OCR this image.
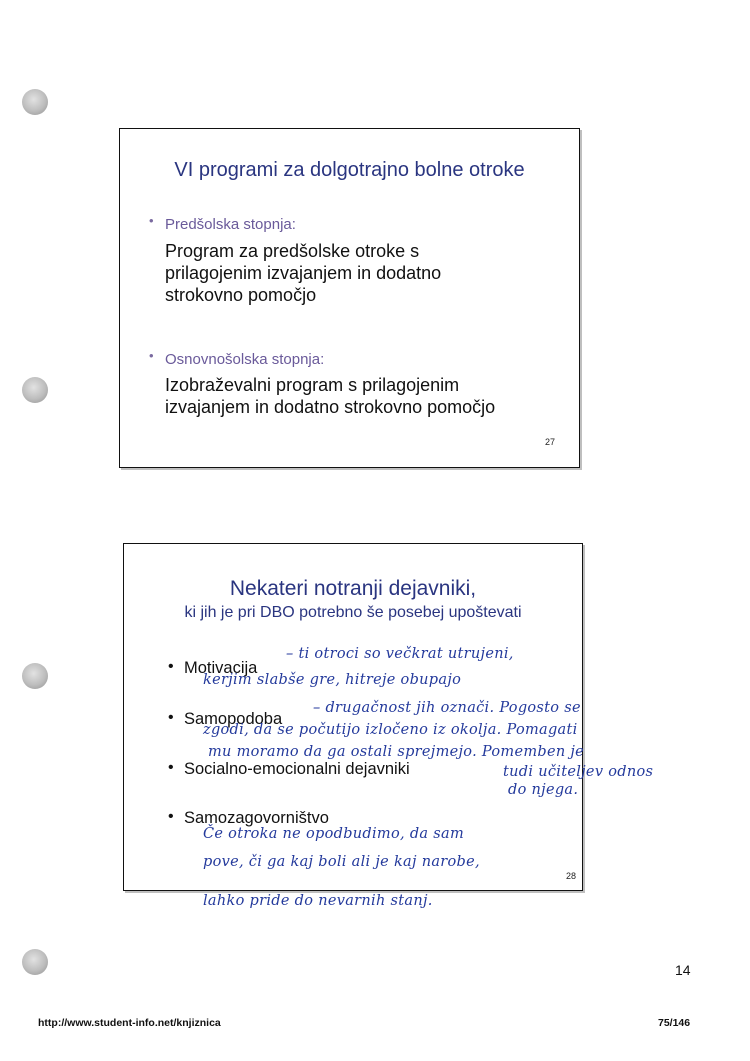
VI programi za dolgotrajno bolne otroke
• Predšolska stopnja:
Program za predšolske otroke s
prilagojenim izvajanjem in dodatno
strokovno pomočjo
• Osnovnošolska stopnja:
Izobraževalni program s prilagojenim
izvajanjem in dodatno strokovno pomočjo
27
Nekateri notranji dejavniki,
ki jih je pri DBO potrebno še posebej upoštevati
• Motivacija
• Samopodoba
• Socialno-emocionalni dejavniki
• Samozagovorništvo
28
– ti otroci so večkrat utrujeni,
kerjim slabše gre, hitreje obupajo
– drugačnost jih označi. Pogosto se
zgodi, da se počutijo izločeno iz okolja. Pomagati
mu moramo da ga ostali sprejmejo. Pomemben je
tudi učiteljev odnos
do njega.
Če otroka ne opodbudimo, da sam
pove, či ga kaj boli ali je kaj narobe,
lahko pride do nevarnih stanj.
14
http://www.student-info.net/knjiznica	75/146
